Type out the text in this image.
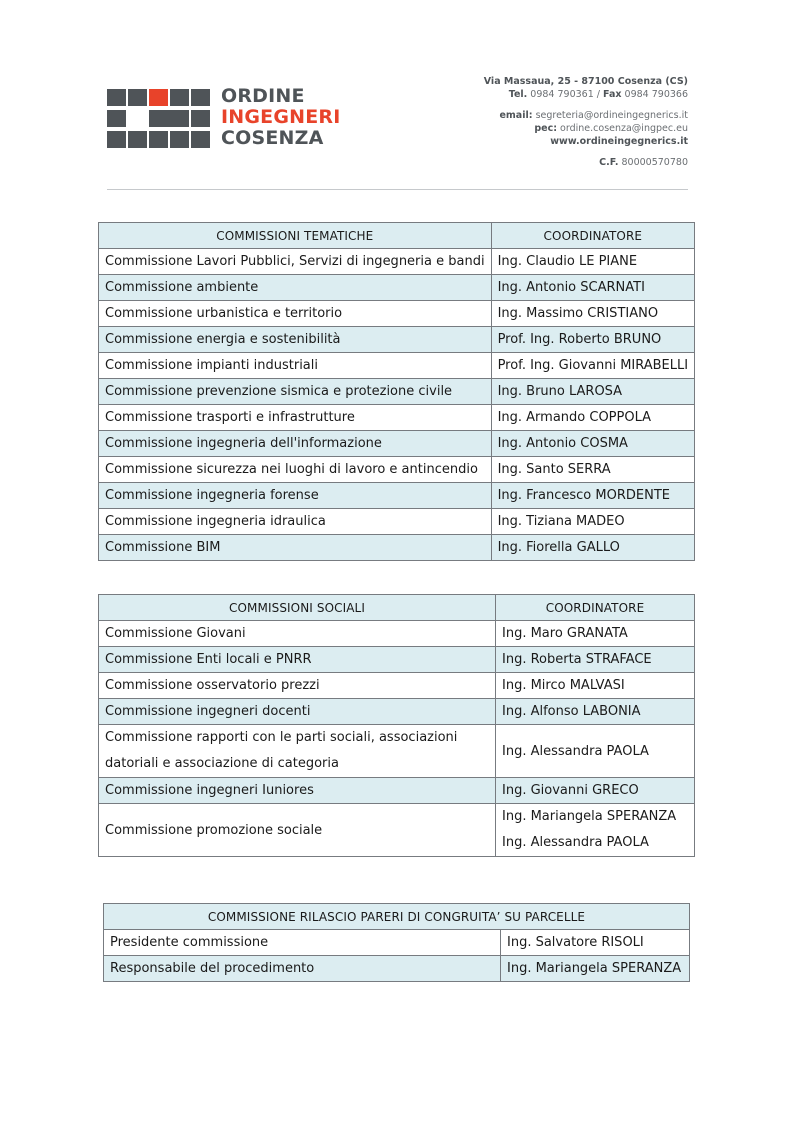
ORDINE
INGEGNERI
COSENZA
Via Massaua, 25 - 87100 Cosenza (CS)
Tel. 0984 790361 / Fax 0984 790366
email: segreteria@ordineingegnerics.it
pec: ordine.cosenza@ingpec.eu
www.ordineingegnerics.it
C.F. 80000570780
COMMISSIONI TEMATICHE	COORDINATORE
Commissione Lavori Pubblici, Servizi di ingegneria e bandi	Ing. Claudio LE PIANE
Commissione ambiente	Ing. Antonio SCARNATI
Commissione urbanistica e territorio	Ing. Massimo CRISTIANO
Commissione energia e sostenibilità	Prof. Ing. Roberto BRUNO
Commissione impianti industriali	Prof. Ing. Giovanni MIRABELLI
Commissione prevenzione sismica e protezione civile	Ing. Bruno LAROSA
Commissione trasporti e infrastrutture	Ing. Armando COPPOLA
Commissione ingegneria dell'informazione	Ing. Antonio COSMA
Commissione sicurezza nei luoghi di lavoro e antincendio	Ing. Santo SERRA
Commissione ingegneria forense	Ing. Francesco MORDENTE
Commissione ingegneria idraulica	Ing. Tiziana MADEO
Commissione BIM	Ing. Fiorella GALLO
COMMISSIONI SOCIALI	COORDINATORE
Commissione Giovani	Ing. Maro GRANATA
Commissione Enti locali e PNRR	Ing. Roberta STRAFACE
Commissione osservatorio prezzi	Ing. Mirco MALVASI
Commissione ingegneri docenti	Ing. Alfonso LABONIA

Commissione rapporti con le parti sociali, associazioni
datoriali e associazione di categoria	Ing. Alessandra PAOLA
Commissione ingegneri Iuniores	Ing. Giovanni GRECO
Commissione promozione sociale	Ing. Mariangela SPERANZA
Ing. Alessandra PAOLA
COMMISSIONE RILASCIO PARERI DI CONGRUITA’ SU PARCELLE	
Presidente commissione	Ing. Salvatore RISOLI
Responsabile del procedimento	Ing. Mariangela SPERANZA
